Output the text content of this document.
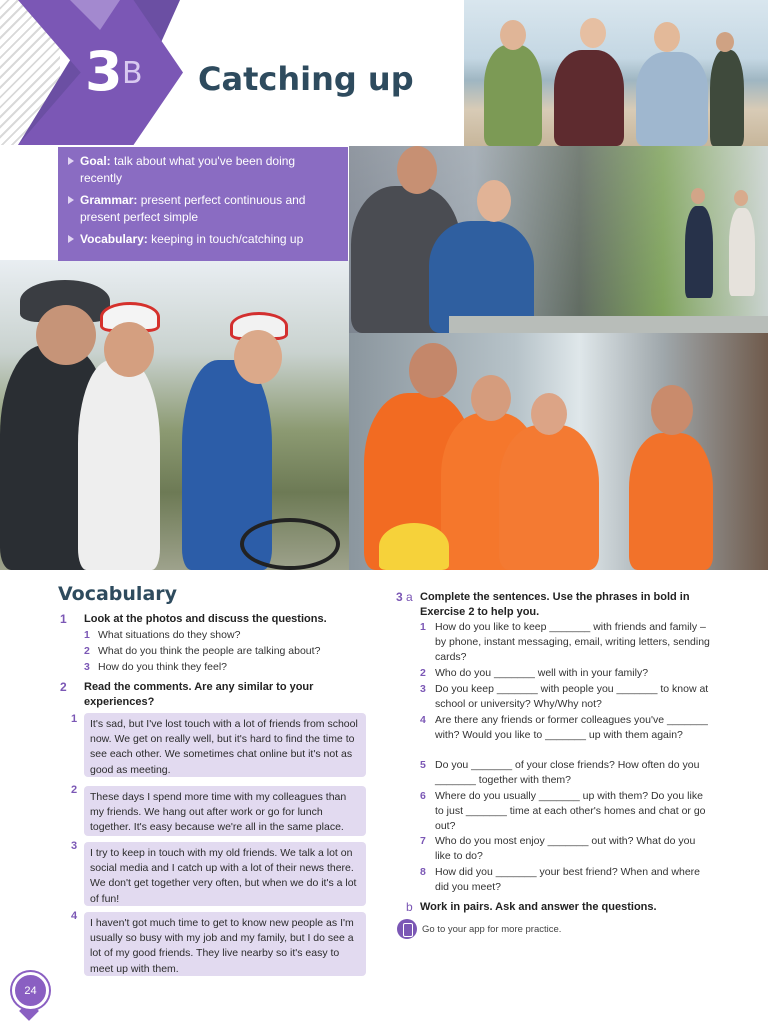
3 B Catching up
Goal: talk about what you've been doing recently
Grammar: present perfect continuous and present perfect simple
Vocabulary: keeping in touch/catching up
Vocabulary
1 Look at the photos and discuss the questions.
1 What situations do they show?
2 What do you think the people are talking about?
3 How do you think they feel?
2 Read the comments. Are any similar to your experiences?
1	It's sad, but I've lost touch with a lot of friends from school now. We get on really well, but it's hard to find the time to see each other. We sometimes chat online but it's not as good as meeting.
2
These days I spend more time with my colleagues than my friends. We hang out after work or go for lunch together. It's easy because we're all in the same place.
3
I try to keep in touch with my old friends. We talk a lot on social media and I catch up with a lot of their news there. We don't get together very often, but when we do it's a lot of fun!
4
I haven't got much time to get to know new people as I'm usually so busy with my job and my family, but I do see a lot of my good friends. They live nearby so it's easy to meet up with them.
3 a Complete the sentences. Use the phrases in bold in Exercise 2 to help you.
1 How do you like to keep _______ with friends and family – by phone, instant messaging, email, writing letters, sending cards?
2 Who do you _______ well with in your family?
3 Do you keep _______ with people you _______ to know at school or university? Why/Why not?
4 Are there any friends or former colleagues you've _______ with? Would you like to _______ up with them again?
5 Do you _______ of your close friends? How often do you _______ together with them?
6 Where do you usually _______ up with them? Do you like to just _______ time at each other's homes and chat or go out?
7 Who do you most enjoy _______ out with? What do you like to do?
8 How did you _______ your best friend? When and where did you meet?
b Work in pairs. Ask and answer the questions.
Go to your app for more practice.
24
